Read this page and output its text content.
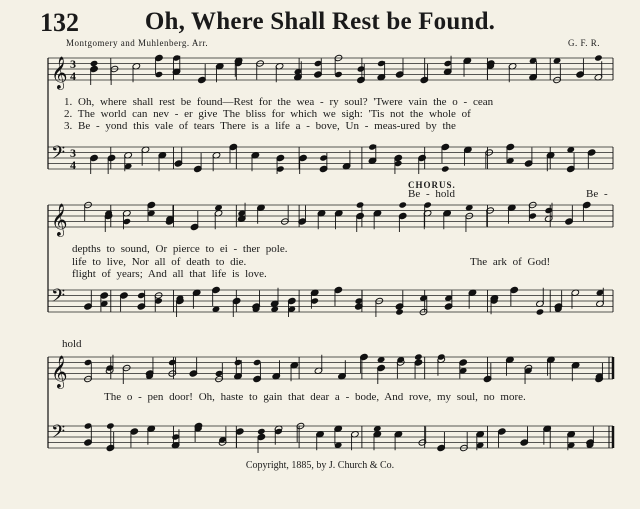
132	Oh, Where Shall Rest be Found.
Montgomery and Muhlenberg. Arr.	G. F. R.
𝄞 3
4
𝄢 3
4
𝄞
𝄢
𝄞
𝄢
1. Oh, where shall rest be found—Rest for the wea - ry soul? 'Twere vain the o - cean
2. The world can nev - er give The bliss for which we sigh: 'Tis not the whole of
3. Be - yond this vale of tears There is a life a - bove, Un - meas-ured by the
CHORUS.
Be - hold	Be -
depths to sound, Or pierce to ei - ther pole.
life to live, Nor all of death to die.
flight of years; And all that life is love.
The ark of God!
hold
The o - pen door! Oh, haste to gain that dear a - bode, And rove, my soul, no more.
Copyright, 1885, by J. Church & Co.
